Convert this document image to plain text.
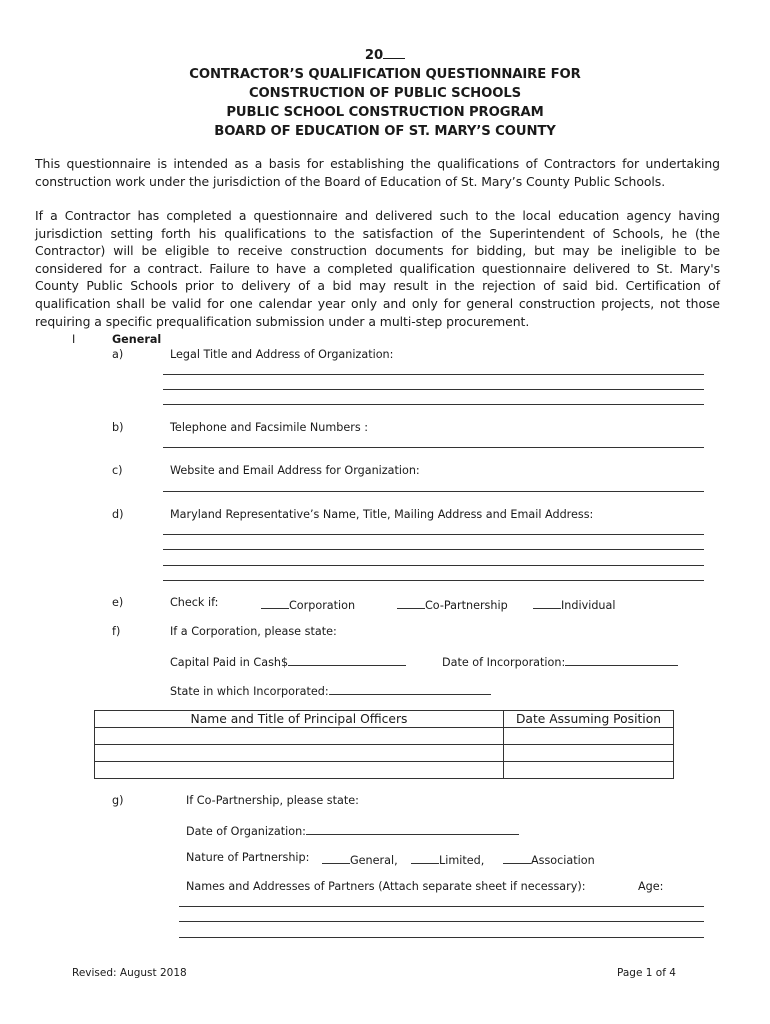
20
CONTRACTOR’S QUALIFICATION QUESTIONNAIRE FOR
CONSTRUCTION OF PUBLIC SCHOOLS
PUBLIC SCHOOL CONSTRUCTION PROGRAM
BOARD OF EDUCATION OF ST. MARY’S COUNTY
This questionnaire is intended as a basis for establishing the qualifications of Contractors for undertaking construction work under the jurisdiction of the Board of Education of St. Mary’s County Public Schools.
If a Contractor has completed a questionnaire and delivered such to the local education agency having jurisdiction setting forth his qualifications to the satisfaction of the Superintendent of Schools, he (the Contractor) will be eligible to receive construction documents for bidding, but may be ineligible to be considered for a contract. Failure to have a completed qualification questionnaire delivered to St. Mary's County Public Schools prior to delivery of a bid may result in the rejection of said bid. Certification of qualification shall be valid for one calendar year only and only for general construction projects, not those requiring a specific prequalification submission under a multi-step procurement.
I	General
a)	Legal Title and Address of Organization:
b)	Telephone and Facsimile Numbers :
c)	Website and Email Address for Organization:
d)	Maryland Representative’s Name, Title, Mailing Address and Email Address:
e)	Check if:	Corporation	Co-Partnership	Individual
f)	If a Corporation, please state:
Capital Paid in Cash$	Date of Incorporation:
State in which Incorporated:
Name and Title of Principal Officers	Date Assuming Position

g)	If Co-Partnership, please state:
Date of Organization:
Nature of Partnership:	General,	Limited,	Association
Names and Addresses of Partners (Attach separate sheet if necessary):	Age:
Revised: August 2018	Page 1 of 4
